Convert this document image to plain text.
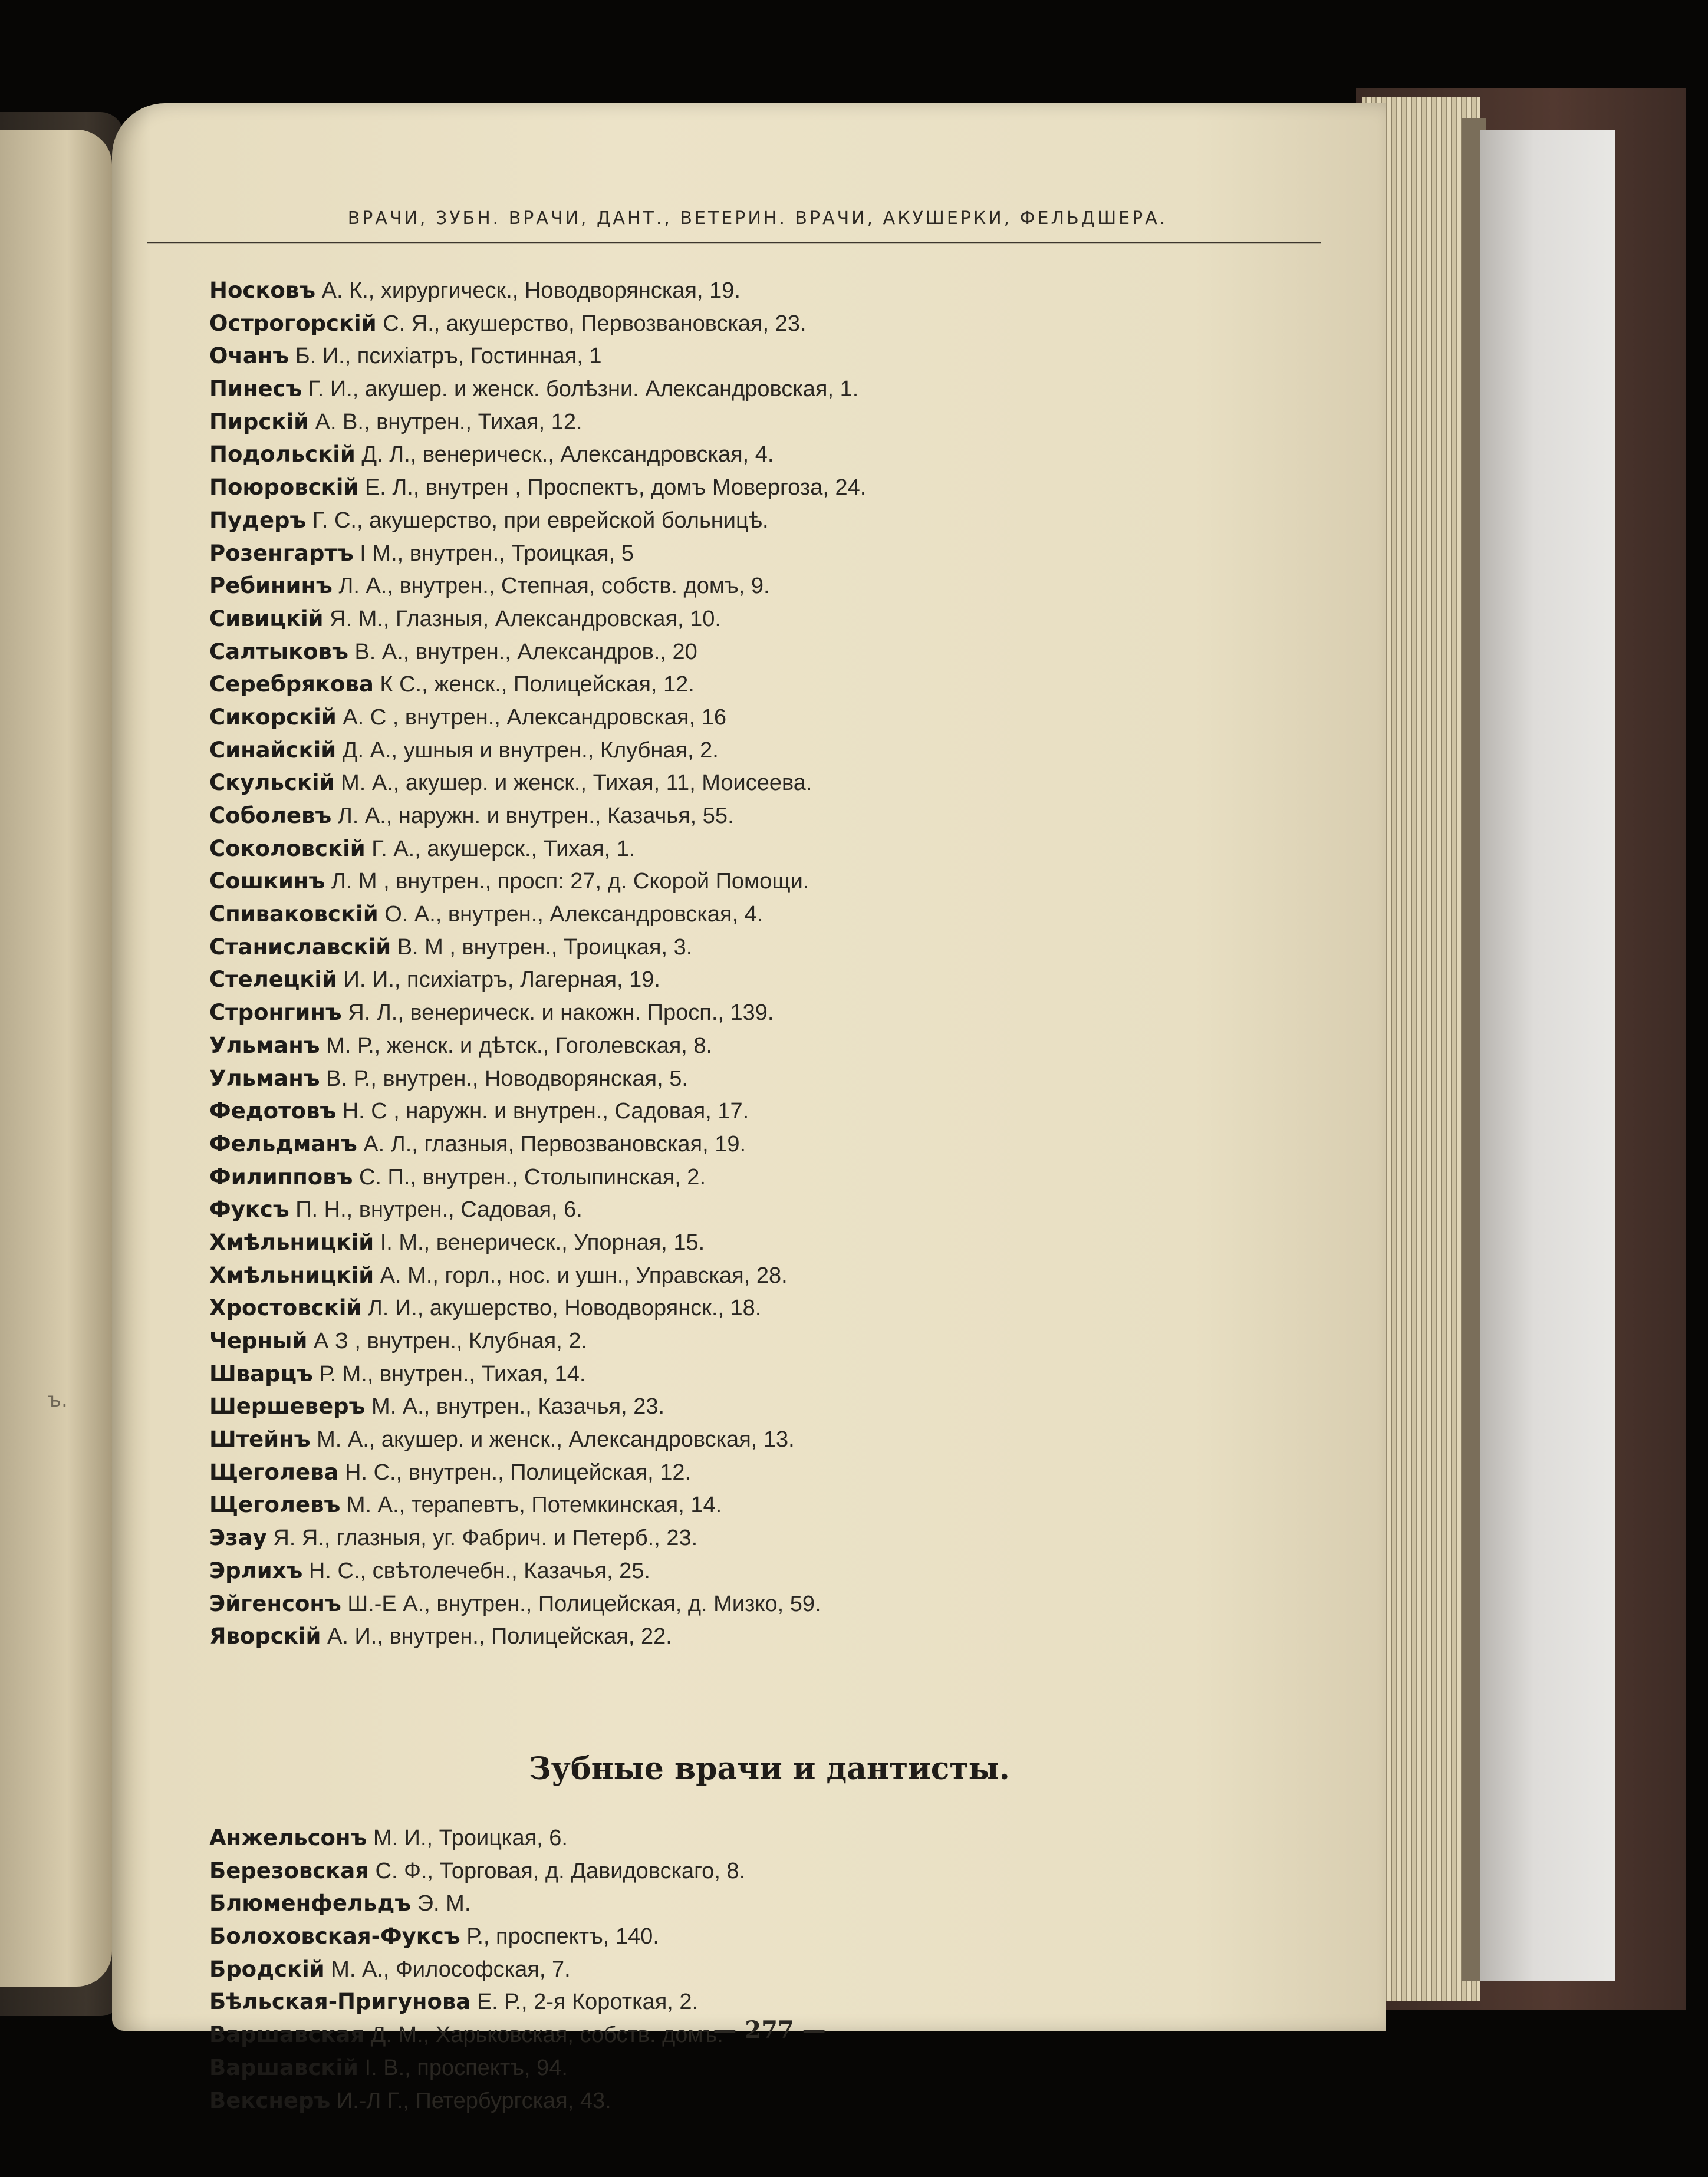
ъ.
ВРАЧИ, ЗУБН. ВРАЧИ, ДАНТ., ВЕТЕРИН. ВРАЧИ, АКУШЕРКИ, ФЕЛЬДШЕРА.
Носковъ А. К., хирургическ., Новодворянская, 19.
Острогорскій С. Я., акушерство, Первозвановская, 23.
Очанъ Б. И., психіатръ, Гостинная, 1
Пинесъ Г. И., акушер. и женск. болѣзни. Александровская, 1.
Пирскій А. В., внутрен., Тихая, 12.
Подольскій Д. Л., венерическ., Александровская, 4.
Поюровскій Е. Л., внутрен , Проспектъ, домъ Мовергоза, 24.
Пудеръ Г. С., акушерство, при еврейской больницѣ.
Розенгартъ I М., внутрен., Троицкая, 5
Ребининъ Л. А., внутрен., Степная, собств. домъ, 9.
Сивицкій Я. М., Глазныя, Александровская, 10.
Салтыковъ В. А., внутрен., Александров., 20
Серебрякова К С., женск., Полицейская, 12.
Сикорскій А. С , внутрен., Александровская, 16
Синайскій Д. А., ушныя и внутрен., Клубная, 2.
Скульскій М. А., акушер. и женск., Тихая, 11, Моисеева.
Соболевъ Л. А., наружн. и внутрен., Казачья, 55.
Соколовскій Г. А., акушерск., Тихая, 1.
Сошкинъ Л. М , внутрен., просп: 27, д. Скорой Помощи.
Спиваковскій О. А., внутрен., Александровская, 4.
Станиславскій В. М , внутрен., Троицкая, 3.
Стелецкій И. И., психіатръ, Лагерная, 19.
Стронгинъ Я. Л., венерическ. и накожн. Просп., 139.
Ульманъ М. Р., женск. и дѣтск., Гоголевская, 8.
Ульманъ В. Р., внутрен., Новодворянская, 5.
Федотовъ Н. С , наружн. и внутрен., Садовая, 17.
Фельдманъ А. Л., глазныя, Первозвановская, 19.
Филипповъ С. П., внутрен., Столыпинская, 2.
Фуксъ П. Н., внутрен., Садовая, 6.
Хмѣльницкій I. М., венерическ., Упорная, 15.
Хмѣльницкій А. М., горл., нос. и ушн., Управская, 28.
Хростовскій Л. И., акушерство, Новодворянск., 18.
Черный А З , внутрен., Клубная, 2.
Шварцъ Р. М., внутрен., Тихая, 14.
Шершеверъ М. А., внутрен., Казачья, 23.
Штейнъ М. А., акушер. и женск., Александровская, 13.
Щеголева Н. С., внутрен., Полицейская, 12.
Щеголевъ М. А., терапевтъ, Потемкинская, 14.
Эзау Я. Я., глазныя, уг. Фабрич. и Петерб., 23.
Эрлихъ Н. С., свѣтолечебн., Казачья, 25.
Эйгенсонъ Ш.-Е А., внутрен., Полицейская, д. Мизко, 59.
Яворскій А. И., внутрен., Полицейская, 22.
Зубные врачи и дантисты.
Анжельсонъ М. И., Троицкая, 6.
Березовская С. Ф., Торговая, д. Давидовскаго, 8.
Блюменфельдъ Э. М.
Болоховская-Фуксъ Р., проспектъ, 140.
Бродскій М. А., Философская, 7.
Бѣльская-Пригунова Е. Р., 2-я Короткая, 2.
Варшавская Д. М., Харьковская, собств. домъ.
Варшавскій I. В., проспектъ, 94.
Векснеръ И.-Л Г., Петербургская, 43.
— 277 —
